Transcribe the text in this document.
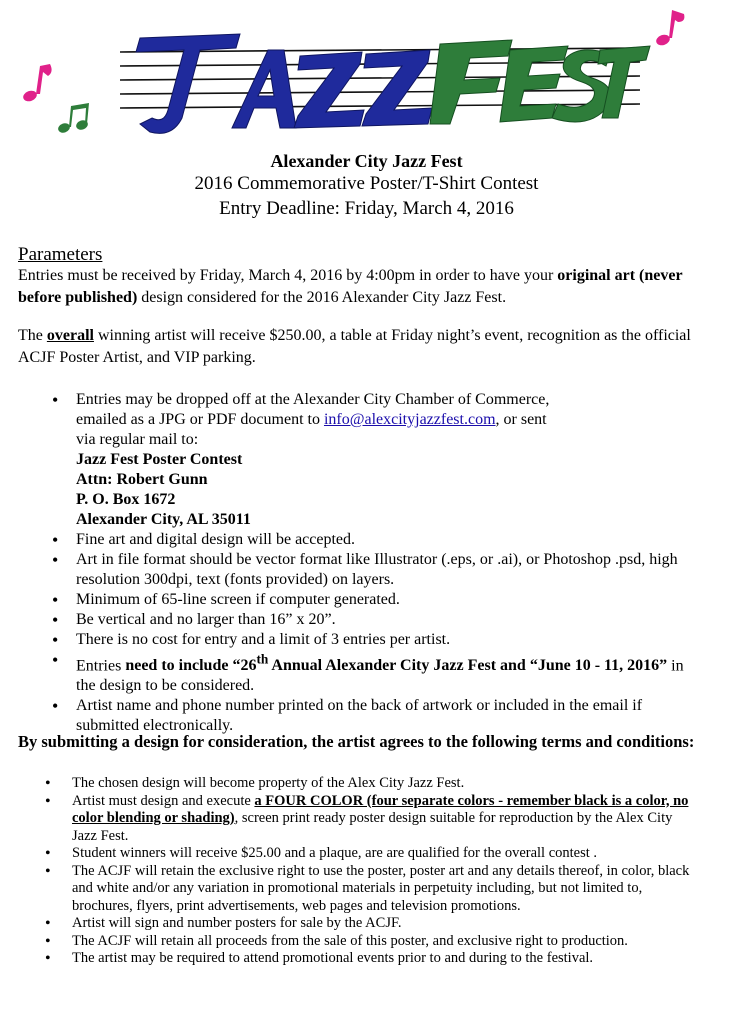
Alexander City Jazz Fest
2016 Commemorative Poster/T-Shirt Contest
Entry Deadline: Friday, March 4, 2016
Parameters
Entries must be received by Friday, March 4, 2016 by 4:00pm in order to have your original art (never before published) design considered for the 2016 Alexander City Jazz Fest.
The overall winning artist will receive $250.00, a table at Friday night’s event, recognition as the official ACJF Poster Artist, and VIP parking.
• Entries may be dropped off at the Alexander City Chamber of Commerce,
emailed as a JPG or PDF document to info@alexcityjazzfest.com, or sent
via regular mail to:
Jazz Fest Poster Contest
Attn: Robert Gunn
P. O. Box 1672
Alexander City, AL 35011
• Fine art and digital design will be accepted.
• Art in file format should be vector format like Illustrator (.eps, or .ai), or Photoshop .psd, high resolution 300dpi, text (fonts provided) on layers.
• Minimum of 65-line screen if computer generated.
• Be vertical and no larger than 16” x 20”.
• There is no cost for entry and a limit of 3 entries per artist.
• Entries need to include “26th Annual Alexander City Jazz Fest and “June 10 - 11, 2016” in the design to be considered.
• Artist name and phone number printed on the back of artwork or included in the email if submitted electronically.
By submitting a design for consideration, the artist agrees to the following terms and conditions:
• The chosen design will become property of the Alex City Jazz Fest.
• Artist must design and execute a FOUR COLOR (four separate colors - remember black is a color, no color blending or shading), screen print ready poster design suitable for reproduction by the Alex City Jazz Fest.
• Student winners will receive $25.00 and a plaque, are are qualified for the overall contest .
• The ACJF will retain the exclusive right to use the poster, poster art and any details thereof, in color, black and white and/or any variation in promotional materials in perpetuity including, but not limited to, brochures, flyers, print advertisements, web pages and television promotions.
• Artist will sign and number posters for sale by the ACJF.
• The ACJF will retain all proceeds from the sale of this poster, and exclusive right to production.
• The artist may be required to attend promotional events prior to and during to the festival.
